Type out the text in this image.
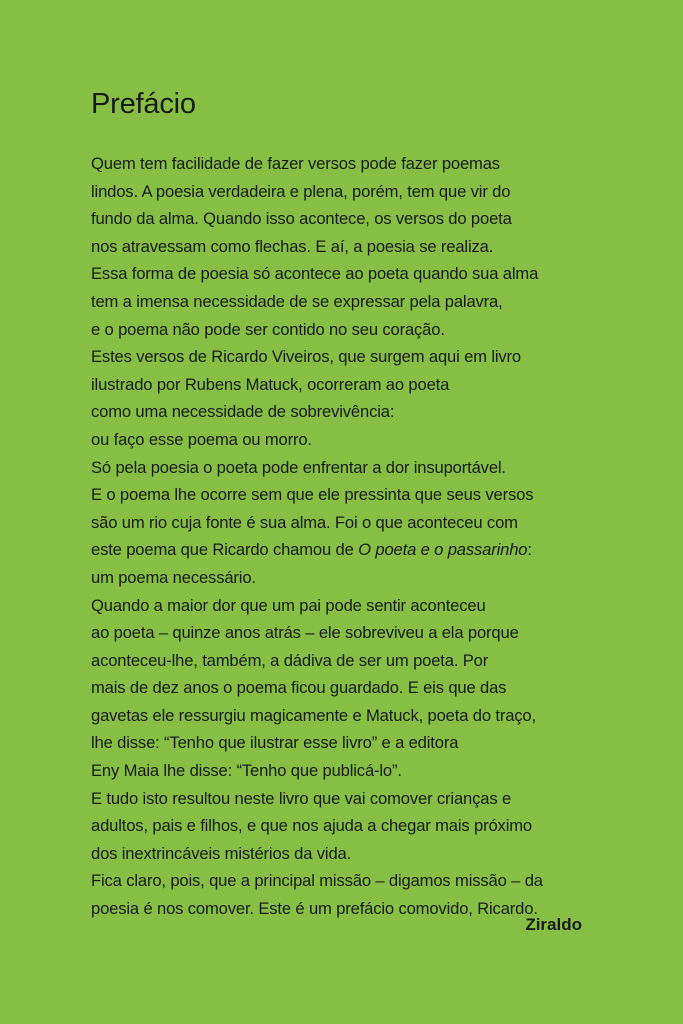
Prefácio
Quem tem facilidade de fazer versos pode fazer poemas
lindos. A poesia verdadeira e plena, porém, tem que vir do
fundo da alma. Quando isso acontece, os versos do poeta
nos atravessam como flechas. E aí, a poesia se realiza.
Essa forma de poesia só acontece ao poeta quando sua alma
tem a imensa necessidade de se expressar pela palavra,
e o poema não pode ser contido no seu coração.
Estes versos de Ricardo Viveiros, que surgem aqui em livro
ilustrado por Rubens Matuck, ocorreram ao poeta
como uma necessidade de sobrevivência:
ou faço esse poema ou morro.
Só pela poesia o poeta pode enfrentar a dor insuportável.
E o poema lhe ocorre sem que ele pressinta que seus versos
são um rio cuja fonte é sua alma. Foi o que aconteceu com
este poema que Ricardo chamou de O poeta e o passarinho:
um poema necessário.
Quando a maior dor que um pai pode sentir aconteceu
ao poeta – quinze anos atrás – ele sobreviveu a ela porque
aconteceu-lhe, também, a dádiva de ser um poeta. Por
mais de dez anos o poema ficou guardado. E eis que das
gavetas ele ressurgiu magicamente e Matuck, poeta do traço,
lhe disse: “Tenho que ilustrar esse livro” e a editora
Eny Maia lhe disse: “Tenho que publicá-lo”.
E tudo isto resultou neste livro que vai comover crianças e
adultos, pais e filhos, e que nos ajuda a chegar mais próximo
dos inextrincáveis mistérios da vida.
Fica claro, pois, que a principal missão – digamos missão – da
poesia é nos comover. Este é um prefácio comovido, Ricardo.
Ziraldo
